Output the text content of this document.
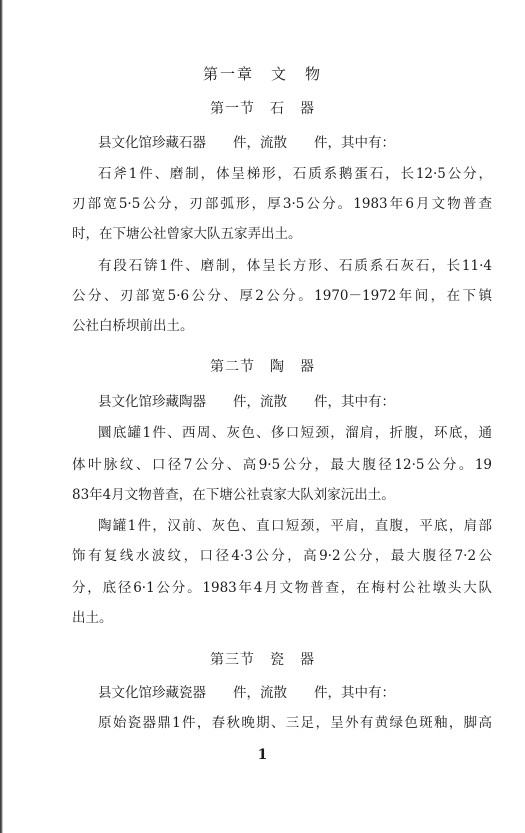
第一章　文　物
第一节　石　器
县文化馆珍藏石器　　件，流散　　件，其中有：
石斧1件、磨制，体呈梯形，石质系鹅蛋石，长12·5公分，
刃部宽5·5公分，刃部弧形，厚3·5公分。1983年6月文物普查
时，在下塘公社曾家大队五家弄出土。
有段石锛1件、磨制，体呈长方形、石质系石灰石，长11·4
公分、刃部宽5·6公分、厚2公分。1970－1972年间，在下镇
公社白桥坝前出土。
第二节　陶　器
县文化馆珍藏陶器　　件，流散　　件，其中有：
圜底罐1件、西周、灰色、侈口短颈，溜肩，折腹，环底，通
体叶脉纹、口径7公分、高9·5公分，最大腹径12·5公分。19
83年4月文物普查，在下塘公社袁家大队刘家沅出土。
陶罐1件，汉前、灰色、直口短颈，平肩，直腹，平底，肩部
饰有复线水波纹，口径4·3公分，高9·2公分，最大腹径7·2公
分，底径6·1公分。1983年4月文物普查，在梅村公社墩头大队
出土。
第三节　瓷　器
县文化馆珍藏瓷器　　件，流散　　件，其中有：
原始瓷器鼎1件，春秋晚期、三足，呈外有黄绿色斑釉，脚高
1
